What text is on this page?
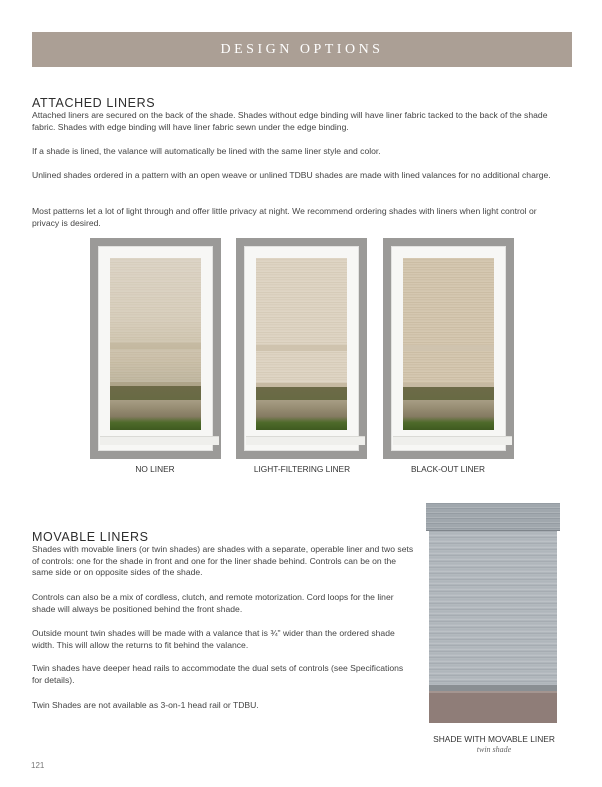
DESIGN OPTIONS
ATTACHED LINERS

Attached liners are secured on the back of the shade. Shades without edge binding will have liner fabric tacked to the back of the shade fabric. Shades with edge binding will have liner fabric sewn under the edge binding.

If a shade is lined, the valance will automatically be lined with the same liner style and color.

Unlined shades ordered in a pattern with an open weave or unlined TDBU shades are made with lined valances for no additional charge.

Most patterns let a lot of light through and offer little privacy at night. We recommend ordering shades with liners when light control or privacy is desired.

NO LINER	LIGHT-FILTERING LINER	BLACK-OUT LINER
MOVABLE LINERS

Shades with movable liners (or twin shades) are shades with a separate, operable liner and two sets of controls: one for the shade in front and one for the liner shade behind. Controls can be on the same side or on opposite sides of the shade.

Controls can also be a mix of cordless, clutch, and remote motorization. Cord loops for the liner shade will always be positioned behind the front shade.

Outside mount twin shades will be made with a valance that is ¾" wider than the ordered shade width. This will allow the returns to fit behind the valance.

Twin shades have deeper head rails to accommodate the dual sets of controls (see Specifications for details).

Twin Shades are not available as 3-on-1 head rail or TDBU.

SHADE WITH MOVABLE LINER
twin shade
121
